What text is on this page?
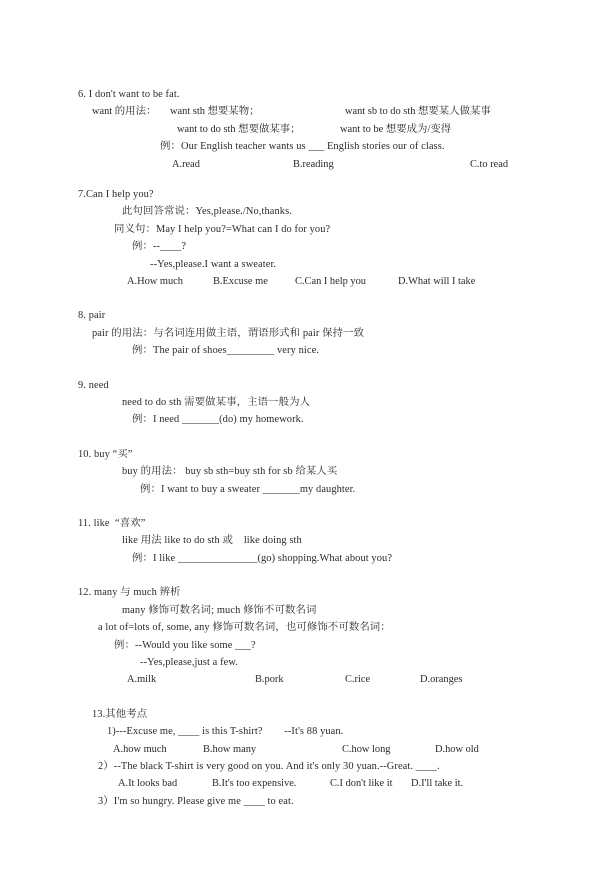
6. I don't want to be fat.

want 的用法：

want sth 想要某物；

	want sb to do sth 想要某人做某事

want to do sth 想要做某事；

	want to be 想要成为/变得

例：Our English teacher wants us ___ English stories our of class.

A.read

	B.reading

	C.to read

7.Can I help you?
此句回答常说：Yes,please./No,thanks.
同义句：May I help you?=What can I do for you?
例：--____?
--Yes,please.I want a sweater.

A.How much

	B.Excuse me

	C.Can I help you

	D.What will I take

8. pair
pair 的用法：与名词连用做主语，谓语形式和 pair 保持一致
例：The pair of shoes_________ very nice.
9. need
need to do sth 需要做某事，主语一般为人
例：I need _______(do) my homework.
10. buy “买”
buy 的用法： buy sb sth=buy sth for sb 给某人买
例：I want to buy a sweater _______my daughter.
11. like  “喜欢”
like 用法 like to do sth 或    like doing sth
例：I like _______________(go) shopping.What about you?
12. many 与 much 辨析
many 修饰可数名词; much 修饰不可数名词
a lot of=lots of, some, any 修饰可数名词，也可修饰不可数名词：
例：--Would you like some ___?
--Yes,please,just a few.

A.milk

	B.pork

	C.rice

	D.oranges

13.其他考点
1)---Excuse me, ____ is this T-shirt?        --It's 88 yuan.

A.how much

	B.how many

	C.how long

	D.how old

2）--The black T-shirt is very good on you. And it's only 30 yuan.--Great. ____.

A.It looks bad

	B.It's too expensive.

	C.I don't like it

D.I'll take it.

3）I'm so hungry. Please give me ____ to eat.
